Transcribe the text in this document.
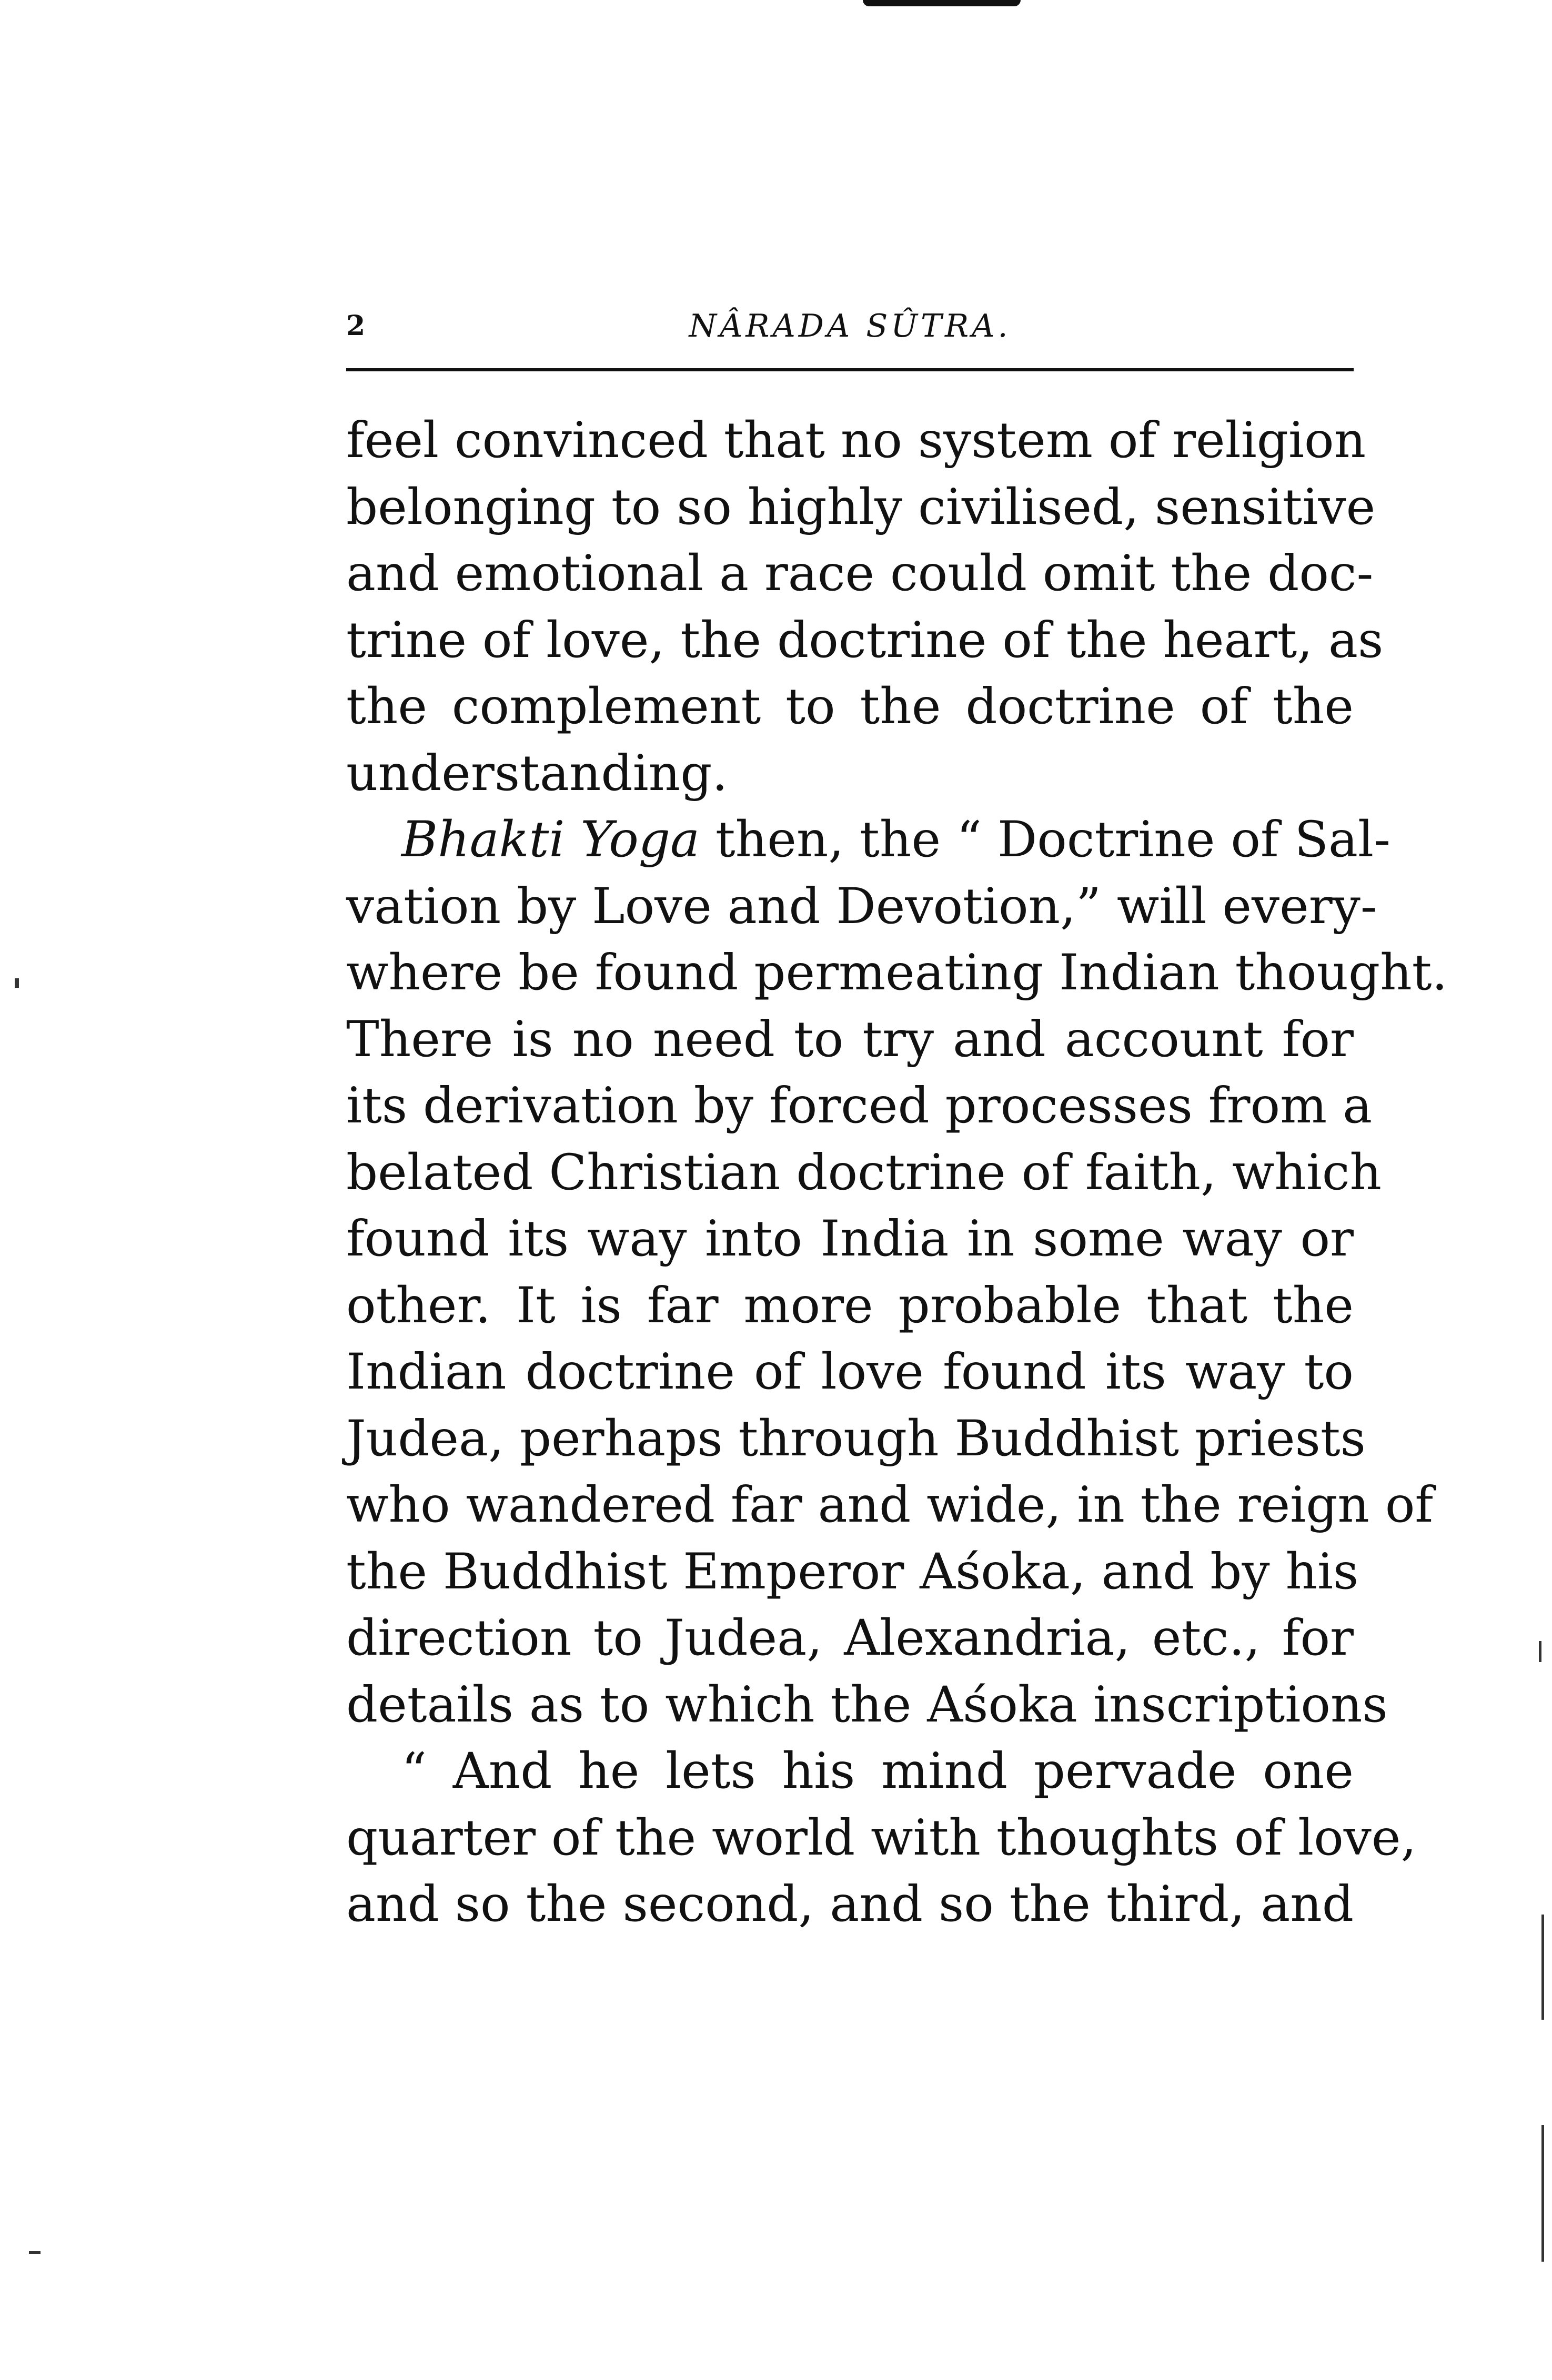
2	NÂRADA SÛTRA.
feel convinced that no system of religion
belonging to so highly civilised, sensitive
and emotional a race could omit the doc-
trine of love, the doctrine of the heart, as
the complement to the doctrine of the
understanding.
Bhakti Yoga then, the “ Doctrine of Sal-
vation by Love and Devotion,” will every-
where be found permeating Indian thought.
There is no need to try and account for
its derivation by forced processes from a
belated Christian doctrine of faith, which
found its way into India in some way or
other. It is far more probable that the
Indian doctrine of love found its way to
Judea, perhaps through Buddhist priests
who wandered far and wide, in the reign of
the Buddhist Emperor Aśoka, and by his
direction to Judea, Alexandria, etc., for
details as to which the Aśoka inscriptions
“ And he lets his mind pervade one
quarter of the world with thoughts of love,
and so the second, and so the third, and
